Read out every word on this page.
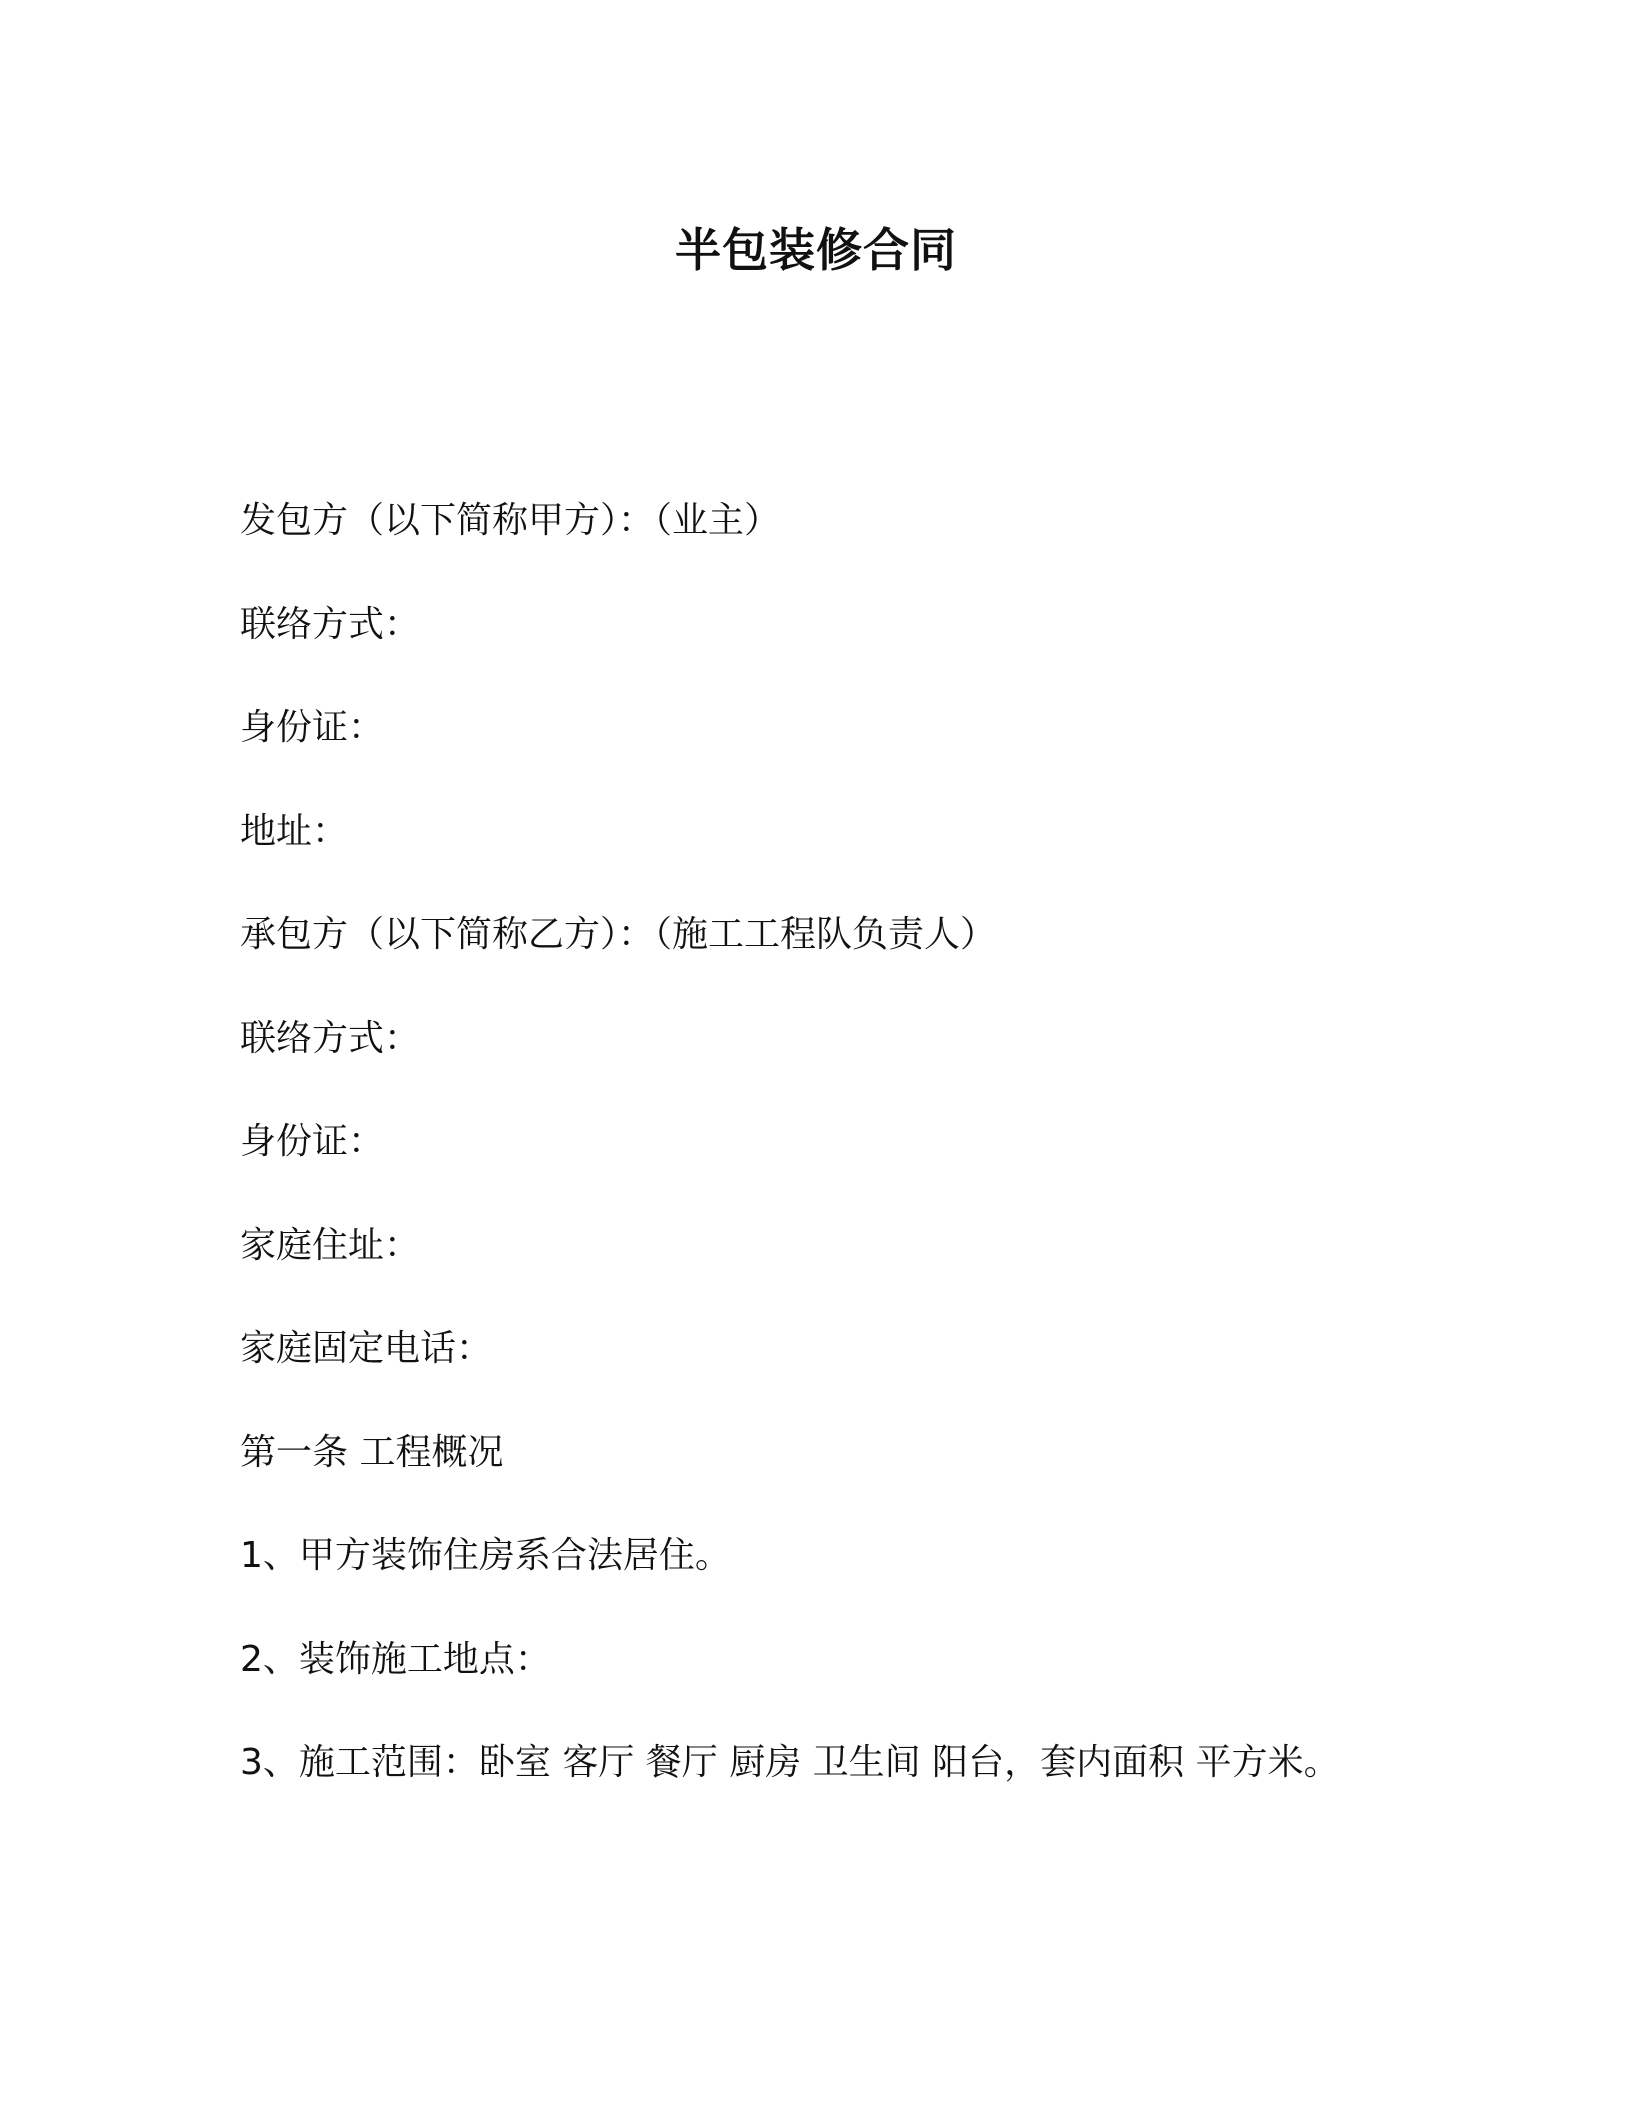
半包装修合同
发包方（以下简称甲方）：（业主）
联络方式：
身份证：
地址：
承包方（以下简称乙方）：（施工工程队负责人）
联络方式：
身份证：
家庭住址：
家庭固定电话：
第一条 工程概况
1、甲方装饰住房系合法居住。
2、装饰施工地点：
3、施工范围：卧室 客厅 餐厅 厨房 卫生间 阳台，套内面积 平方米。
